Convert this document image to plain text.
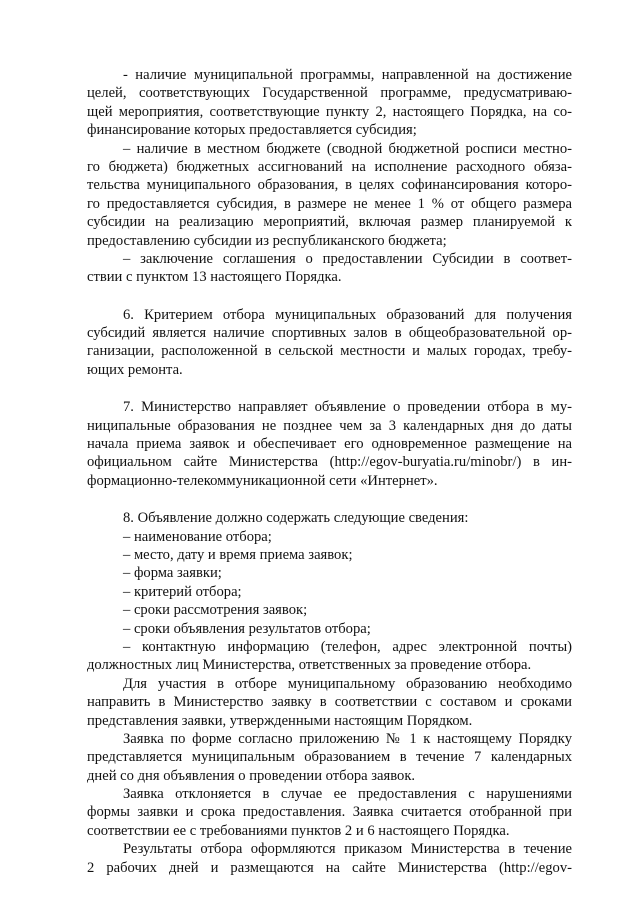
- наличие муниципальной программы, направленной на достижение
целей, соответствующих Государственной программе, предусматриваю-
щей мероприятия, соответствующие пункту 2, настоящего Порядка, на со-
финансирование которых предоставляется субсидия;
– наличие в местном бюджете (сводной бюджетной росписи местно-
го бюджета) бюджетных ассигнований на исполнение расходного обяза-
тельства муниципального образования, в целях софинансирования которо-
го предоставляется субсидия, в размере не менее 1 % от общего размера
субсидии на реализацию мероприятий, включая размер планируемой к
предоставлению субсидии из республиканского бюджета;
– заключение соглашения о предоставлении Субсидии в соответ-
ствии с пунктом 13 настоящего Порядка.
6. Критерием отбора муниципальных образований для получения
субсидий является наличие спортивных залов в общеобразовательной ор-
ганизации, расположенной в сельской местности и малых городах, требу-
ющих ремонта.
7. Министерство направляет объявление о проведении отбора в му-
ниципальные образования не позднее чем за 3 календарных дня до даты
начала приема заявок и обеспечивает его одновременное размещение на
официальном сайте Министерства (http://egov-buryatia.ru/minobr/) в ин-
формационно-телекоммуникационной сети «Интернет».
8. Объявление должно содержать следующие сведения:
– наименование отбора;
– место, дату и время приема заявок;
– форма заявки;
– критерий отбора;
– сроки рассмотрения заявок;
– сроки объявления результатов отбора;
– контактную информацию (телефон, адрес электронной почты)
должностных лиц Министерства, ответственных за проведение отбора.
Для участия в отборе муниципальному образованию необходимо
направить в Министерство заявку в соответствии с составом и сроками
представления заявки, утвержденными настоящим Порядком.
Заявка по форме согласно приложению № 1 к настоящему Порядку
представляется муниципальным образованием в течение 7 календарных
дней со дня объявления о проведении отбора заявок.
Заявка отклоняется в случае ее предоставления с нарушениями
формы заявки и срока предоставления. Заявка считается отобранной при
соответствии ее с требованиями пунктов 2 и 6 настоящего Порядка.
Результаты отбора оформляются приказом Министерства в течение
2 рабочих дней и размещаются на сайте Министерства (http://egov-
